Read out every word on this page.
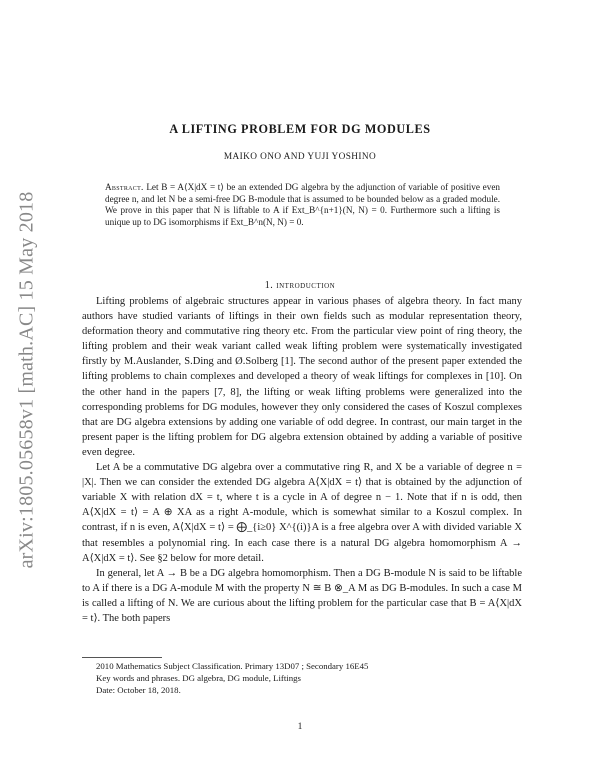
arXiv:1805.05658v1 [math.AC] 15 May 2018
A LIFTING PROBLEM FOR DG MODULES
MAIKO ONO AND YUJI YOSHINO
Abstract. Let B = A⟨X|dX = t⟩ be an extended DG algebra by the adjunction of variable of positive even degree n, and let N be a semi-free DG B-module that is assumed to be bounded below as a graded module. We prove in this paper that N is liftable to A if Ext_B^{n+1}(N, N) = 0. Furthermore such a lifting is unique up to DG isomorphisms if Ext_B^n(N, N) = 0.
1. introduction

Lifting problems of algebraic structures appear in various phases of algebra theory. In fact many authors have studied variants of liftings in their own fields such as modular representation theory, deformation theory and commutative ring theory etc. From the particular view point of ring theory, the lifting problem and their weak variant called weak lifting problem were systematically investigated firstly by M.Auslander, S.Ding and Ø.Solberg [1]. The second author of the present paper extended the lifting problems to chain complexes and developed a theory of weak liftings for complexes in [10]. On the other hand in the papers [7, 8], the lifting or weak lifting problems were generalized into the corresponding problems for DG modules, however they only considered the cases of Koszul complexes that are DG algebra extensions by adding one variable of odd degree. In contrast, our main target in the present paper is the lifting problem for DG algebra extension obtained by adding a variable of positive even degree.

Let A be a commutative DG algebra over a commutative ring R, and X be a variable of degree n = |X|. Then we can consider the extended DG algebra A⟨X|dX = t⟩ that is obtained by the adjunction of variable X with relation dX = t, where t is a cycle in A of degree n − 1. Note that if n is odd, then A⟨X|dX = t⟩ = A ⊕ XA as a right A-module, which is somewhat similar to a Koszul complex. In contrast, if n is even, A⟨X|dX = t⟩ = ⨁_{i≥0} X^{(i)}A is a free algebra over A with divided variable X that resembles a polynomial ring. In each case there is a natural DG algebra homomorphism A → A⟨X|dX = t⟩. See §2 below for more detail.

In general, let A → B be a DG algebra homomorphism. Then a DG B-module N is said to be liftable to A if there is a DG A-module M with the property N ≅ B ⊗_A M as DG B-modules. In such a case M is called a lifting of N. We are curious about the lifting problem for the particular case that B = A⟨X|dX = t⟩. The both papers

2010 Mathematics Subject Classification. Primary 13D07 ; Secondary 16E45
Key words and phrases. DG algebra, DG module, Liftings
Date: October 18, 2018.
1
